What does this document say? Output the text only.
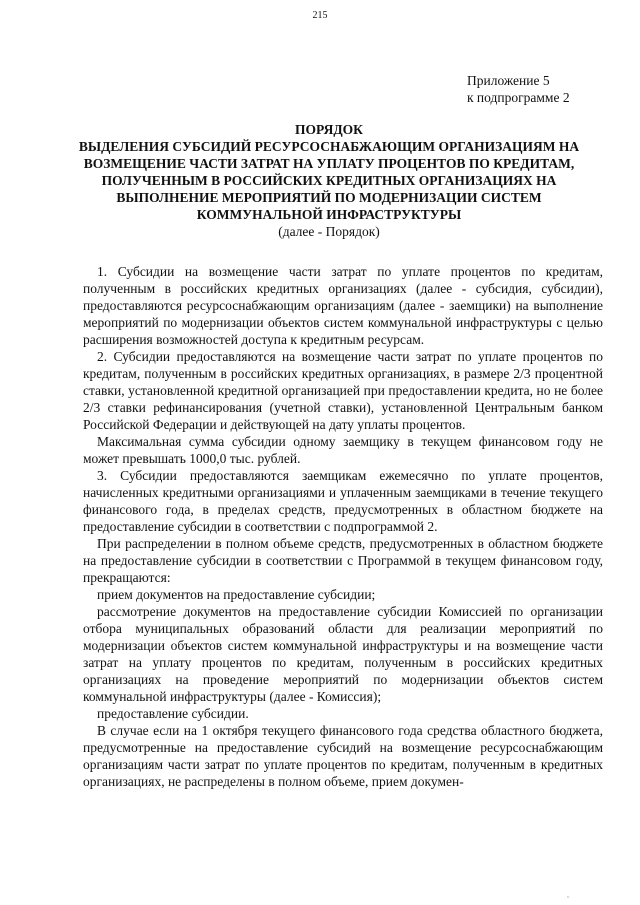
215
Приложение 5
к подпрограмме 2
ПОРЯДОК
ВЫДЕЛЕНИЯ СУБСИДИЙ РЕСУРСОСНАБЖАЮЩИМ ОРГАНИЗАЦИЯМ НА ВОЗМЕЩЕНИЕ ЧАСТИ ЗАТРАТ НА УПЛАТУ ПРОЦЕНТОВ ПО КРЕДИТАМ, ПОЛУЧЕННЫМ В РОССИЙСКИХ КРЕДИТНЫХ ОРГАНИЗАЦИЯХ НА ВЫПОЛНЕНИЕ МЕРОПРИЯТИЙ ПО МОДЕРНИЗАЦИИ СИСТЕМ КОММУНАЛЬНОЙ ИНФРАСТРУКТУРЫ
(далее - Порядок)

1. Субсидии на возмещение части затрат по уплате процентов по кредитам, полученным в российских кредитных организациях (далее - субсидия, субсидии), предоставляются ресурсоснабжающим организациям (далее - заемщики) на выполнение мероприятий по модернизации объектов систем коммунальной инфраструктуры с целью расширения возможностей доступа к кредитным ресурсам.

2. Субсидии предоставляются на возмещение части затрат по уплате процентов по кредитам, полученным в российских кредитных организациях, в размере 2/3 процентной ставки, установленной кредитной организацией при предоставлении кредита, но не более 2/3 ставки рефинансирования (учетной ставки), установленной Центральным банком Российской Федерации и действующей на дату уплаты процентов.

Максимальная сумма субсидии одному заемщику в текущем финансовом году не может превышать 1000,0 тыс. рублей.

3. Субсидии предоставляются заемщикам ежемесячно по уплате процентов, начисленных кредитными организациями и уплаченным заемщиками в течение текущего финансового года, в пределах средств, предусмотренных в областном бюджете на предоставление субсидии в соответствии с подпрограммой 2.

При распределении в полном объеме средств, предусмотренных в областном бюджете на предоставление субсидии в соответствии с Программой в текущем финансовом году, прекращаются:

прием документов на предоставление субсидии;

рассмотрение документов на предоставление субсидии Комиссией по организации отбора муниципальных образований области для реализации мероприятий по модернизации объектов систем коммунальной инфраструктуры и на возмещение части затрат на уплату процентов по кредитам, полученным в российских кредитных организациях на проведение мероприятий по модернизации объектов систем коммунальной инфраструктуры (далее - Комиссия);

предоставление субсидии.

В случае если на 1 октября текущего финансового года средства областного бюджета, предусмотренные на предоставление субсидий на возмещение ресурсоснабжающим организациям части затрат по уплате процентов по кредитам, полученным в кредитных организациях, не распределены в полном объеме, прием докумен-

,,
